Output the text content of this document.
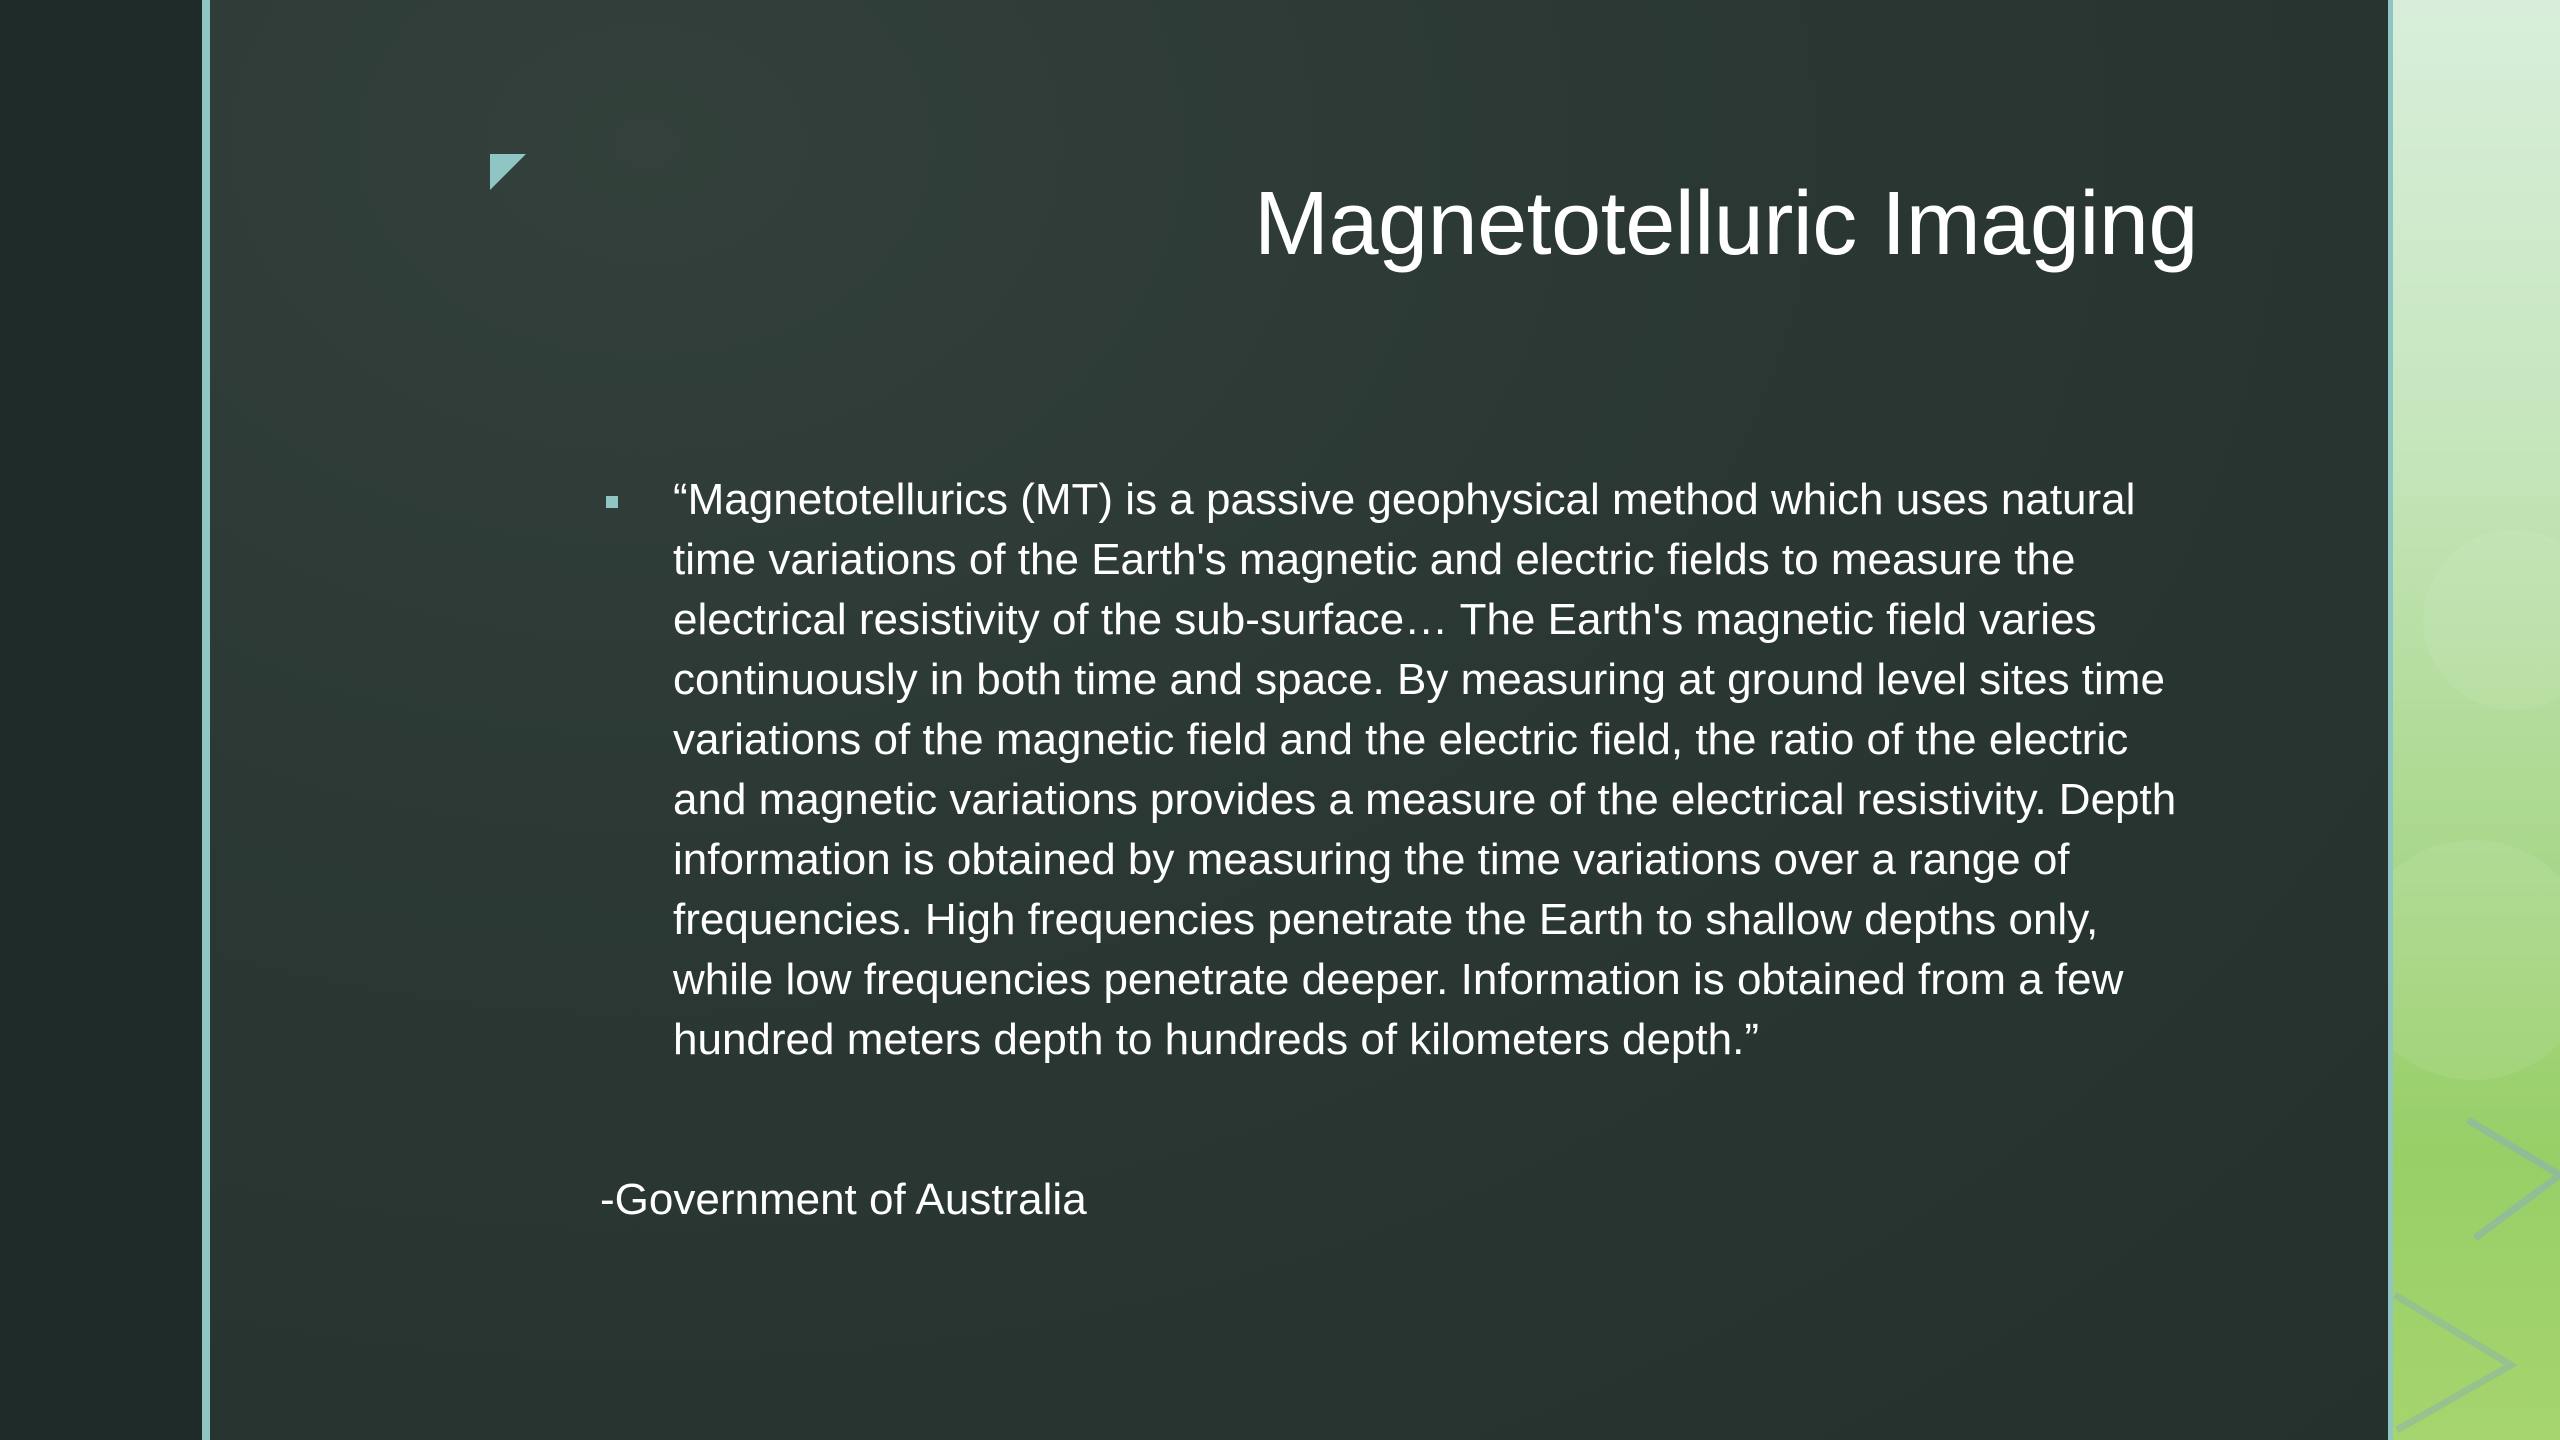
Magnetotelluric Imaging

“Magnetotellurics (MT) is a passive geophysical method which uses natural time variations of the Earth's magnetic and electric fields to measure the electrical resistivity of the sub-surface… The Earth's magnetic field varies continuously in both time and space. By measuring at ground level sites time variations of the magnetic field and the electric field, the ratio of the electric and magnetic variations provides a measure of the electrical resistivity. Depth information is obtained by measuring the time variations over a range of frequencies. High frequencies penetrate the Earth to shallow depths only, while low frequencies penetrate deeper. Information is obtained from a few hundred meters depth to hundreds of kilometers depth.”

-Government of Australia
